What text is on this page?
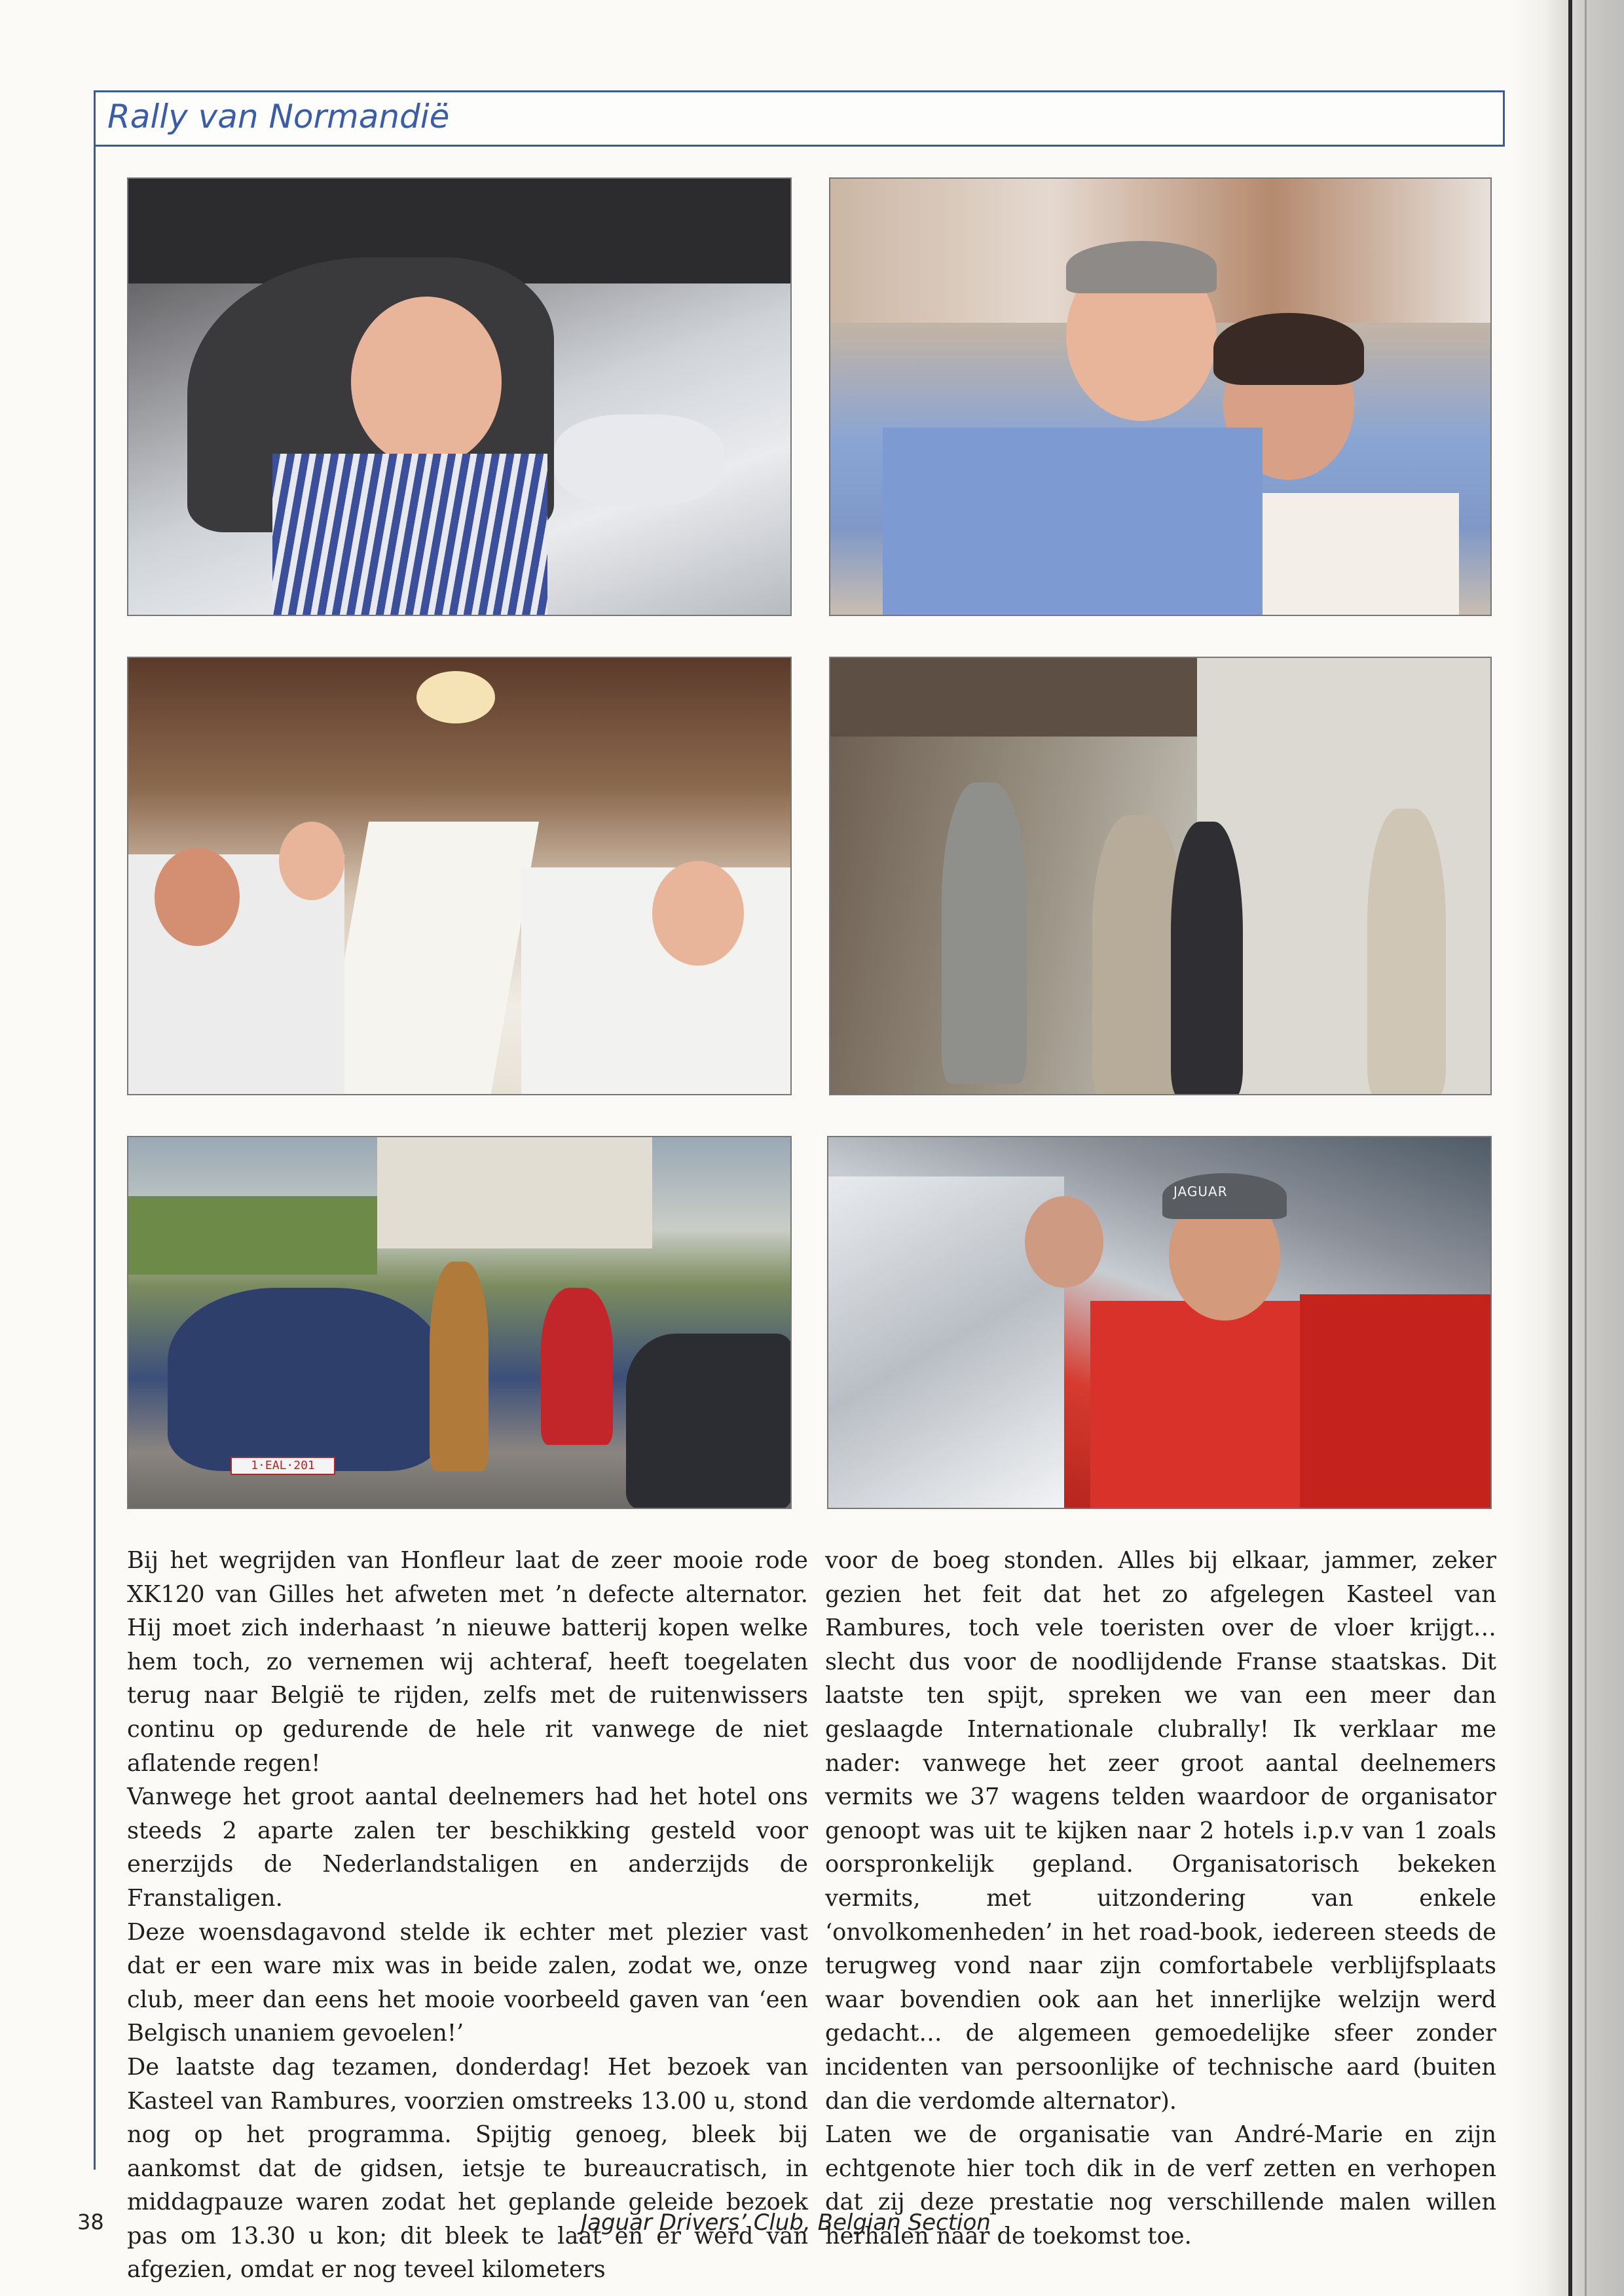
Rally van Normandië
1·EAL·201
JAGUAR

Bij het wegrijden van Honfleur laat de zeer mooie rode XK120 van Gilles het afweten met ’n defecte alternator. Hij moet zich inderhaast ’n nieuwe batterij kopen welke hem toch, zo vernemen wij achteraf, heeft toegelaten terug naar België te rijden, zelfs met de ruitenwissers continu op gedurende de hele rit vanwege de niet aflatende regen!

Vanwege het groot aantal deelnemers had het hotel ons steeds 2 aparte zalen ter beschikking gesteld voor enerzijds de Nederlandstaligen en anderzijds de Franstaligen.

Deze woensdagavond stelde ik echter met plezier vast dat er een ware mix was in beide zalen, zodat we, onze club, meer dan eens het mooie voorbeeld gaven van ‘een Belgisch unaniem gevoelen!’

De laatste dag tezamen, donderdag! Het bezoek van Kasteel van Rambures, voorzien omstreeks 13.00 u, stond nog op het programma. Spijtig genoeg, bleek bij aankomst dat de gidsen, ietsje te bureaucratisch, in middagpauze waren zodat het geplande geleide bezoek pas om 13.30 u kon; dit bleek te laat en er werd van afgezien, omdat er nog teveel kilometers

voor de boeg stonden. Alles bij elkaar, jammer, zeker gezien het feit dat het zo afgelegen Kasteel van Rambures, toch vele toeristen over de vloer krijgt… slecht dus voor de noodlijdende Franse staatskas. Dit laatste ten spijt, spreken we van een meer dan geslaagde Internationale clubrally! Ik verklaar me nader: vanwege het zeer groot aantal deelnemers vermits we 37 wagens telden waardoor de organisator genoopt was uit te kijken naar 2 hotels i.p.v van 1 zoals oorspronkelijk gepland. Organisatorisch bekeken vermits, met uitzondering van enkele ‘onvolkomenheden’ in het road-book, iedereen steeds de terugweg vond naar zijn comfortabele verblijfsplaats waar bovendien ook aan het innerlijke welzijn werd gedacht… de algemeen gemoedelijke sfeer zonder incidenten van persoonlijke of technische aard (buiten dan die verdomde alternator).

Laten we de organisatie van André-Marie en zijn echtgenote hier toch dik in de verf zetten en verhopen dat zij deze prestatie nog verschillende malen willen herhalen naar de toekomst toe.

38	Jaguar Drivers’ Club, Belgian Section
